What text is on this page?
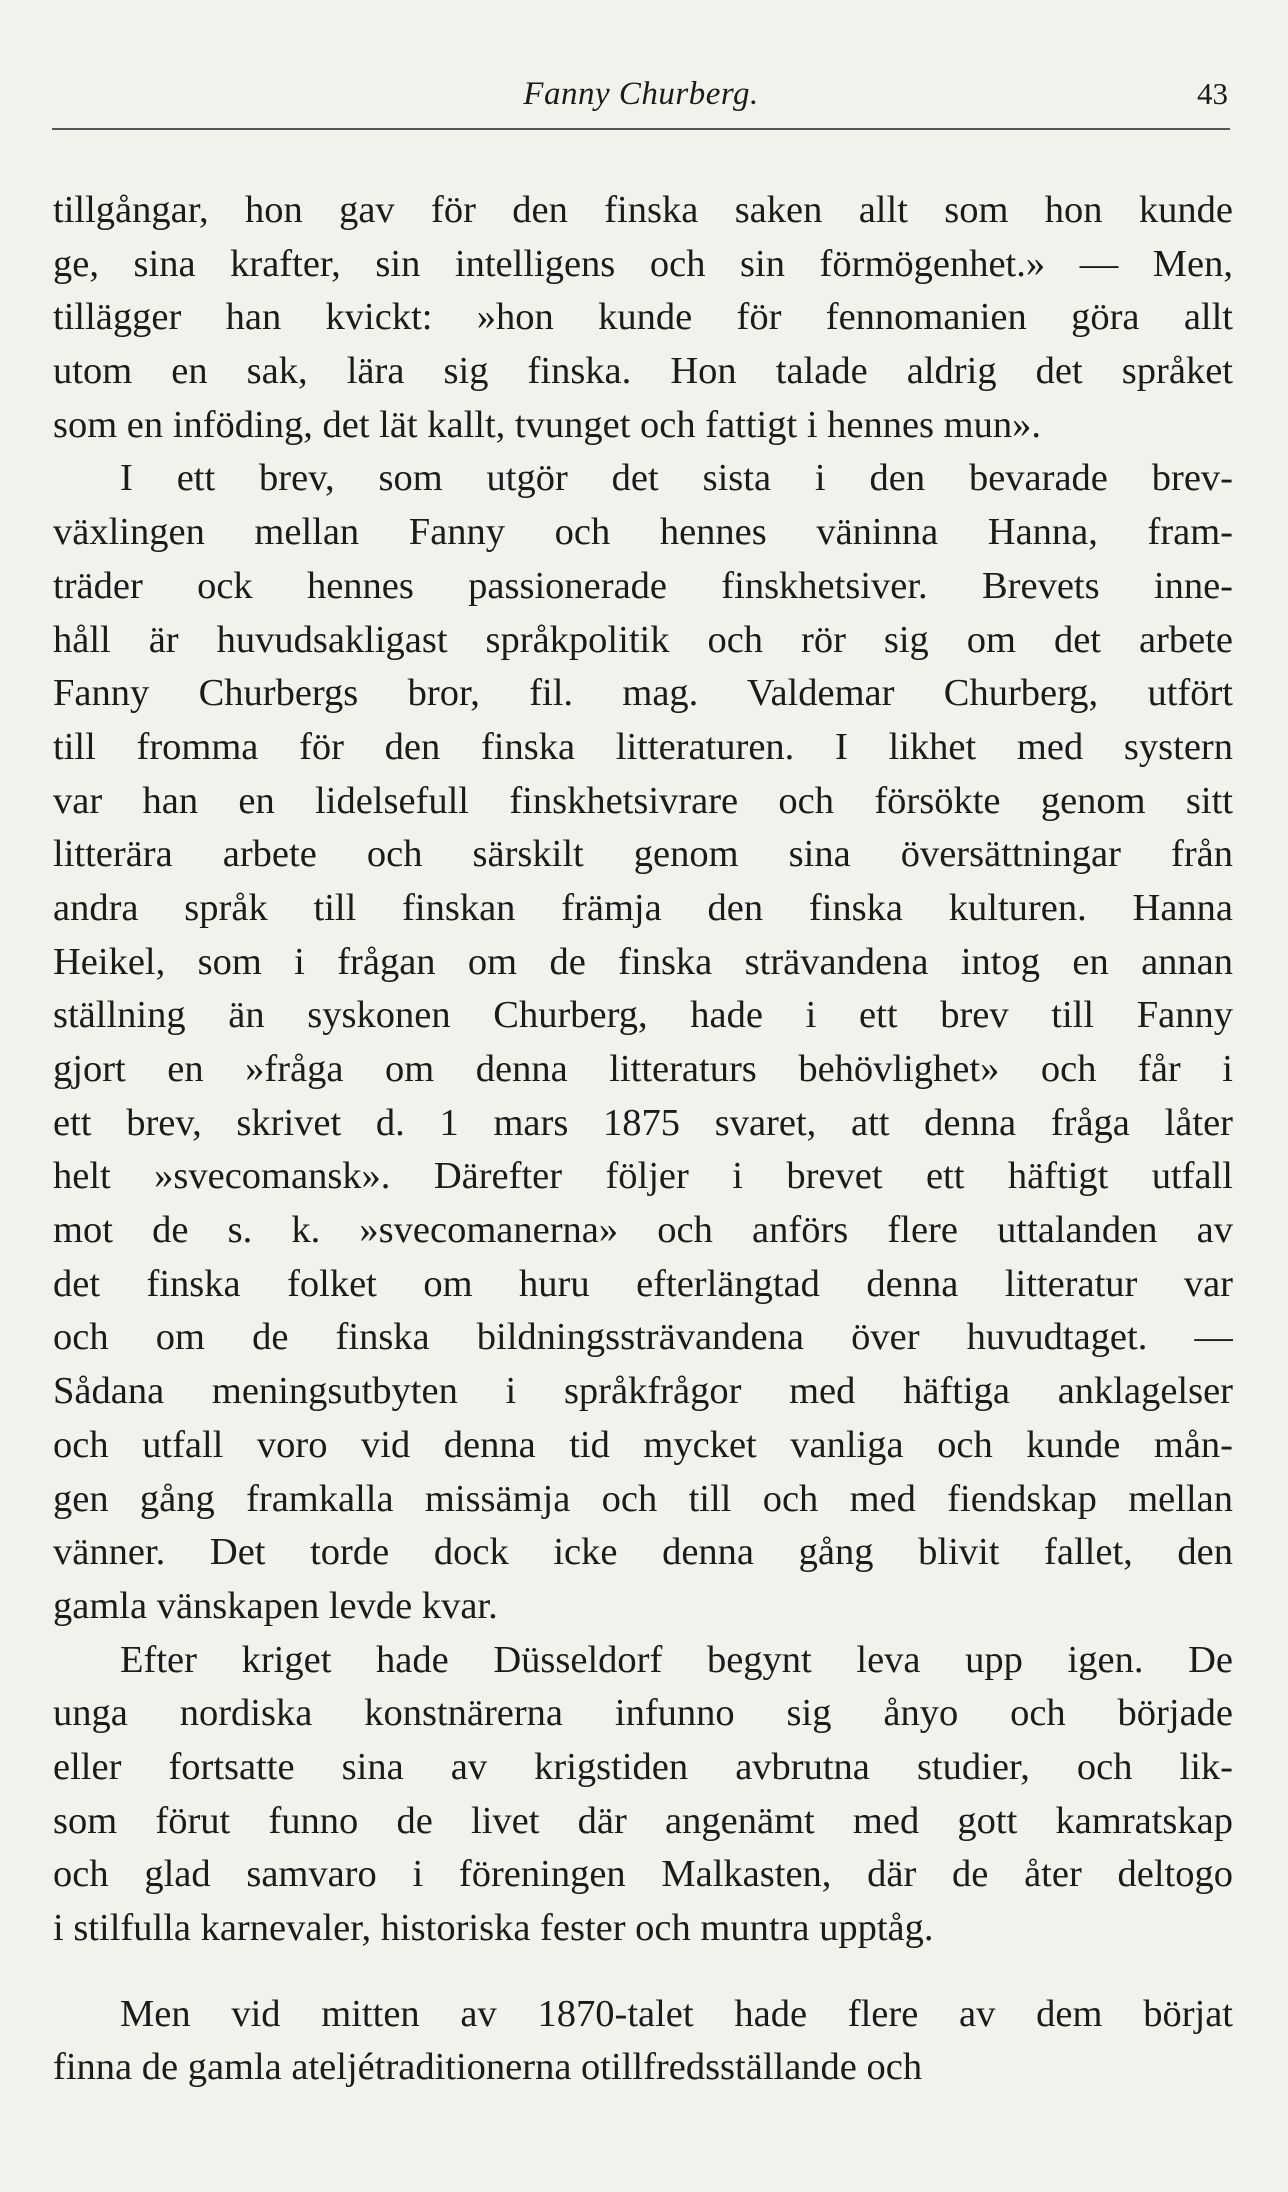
Fanny Churberg.	43
tillgångar, hon gav för den finska saken allt som hon kunde
ge, sina krafter, sin intelligens och sin förmögenhet.» — Men,
tillägger han kvickt: »hon kunde för fennomanien göra allt
utom en sak, lära sig finska. Hon talade aldrig det språket
som en inföding, det lät kallt, tvunget och fattigt i hennes mun».
I ett brev, som utgör det sista i den bevarade brev-
växlingen mellan Fanny och hennes väninna Hanna, fram-
träder ock hennes passionerade finskhetsiver. Brevets inne-
håll är huvudsakligast språkpolitik och rör sig om det arbete
Fanny Churbergs bror, fil. mag. Valdemar Churberg, utfört
till fromma för den finska litteraturen. I likhet med systern
var han en lidelsefull finskhetsivrare och försökte genom sitt
litterära arbete och särskilt genom sina översättningar från
andra språk till finskan främja den finska kulturen. Hanna
Heikel, som i frågan om de finska strävandena intog en annan
ställning än syskonen Churberg, hade i ett brev till Fanny
gjort en »fråga om denna litteraturs behövlighet» och får i
ett brev, skrivet d. 1 mars 1875 svaret, att denna fråga låter
helt »svecomansk». Därefter följer i brevet ett häftigt utfall
mot de s. k. »svecomanerna» och anförs flere uttalanden av
det finska folket om huru efterlängtad denna litteratur var
och om de finska bildningssträvandena över huvudtaget. —
Sådana meningsutbyten i språkfrågor med häftiga anklagelser
och utfall voro vid denna tid mycket vanliga och kunde mån-
gen gång framkalla missämja och till och med fiendskap mellan
vänner. Det torde dock icke denna gång blivit fallet, den
gamla vänskapen levde kvar.
Efter kriget hade Düsseldorf begynt leva upp igen. De
unga nordiska konstnärerna infunno sig ånyo och började
eller fortsatte sina av krigstiden avbrutna studier, och lik-
som förut funno de livet där angenämt med gott kamratskap
och glad samvaro i föreningen Malkasten, där de åter deltogo
i stilfulla karnevaler, historiska fester och muntra upptåg.
Men vid mitten av 1870-talet hade flere av dem börjat
finna de gamla ateljétraditionerna otillfredsställande och
